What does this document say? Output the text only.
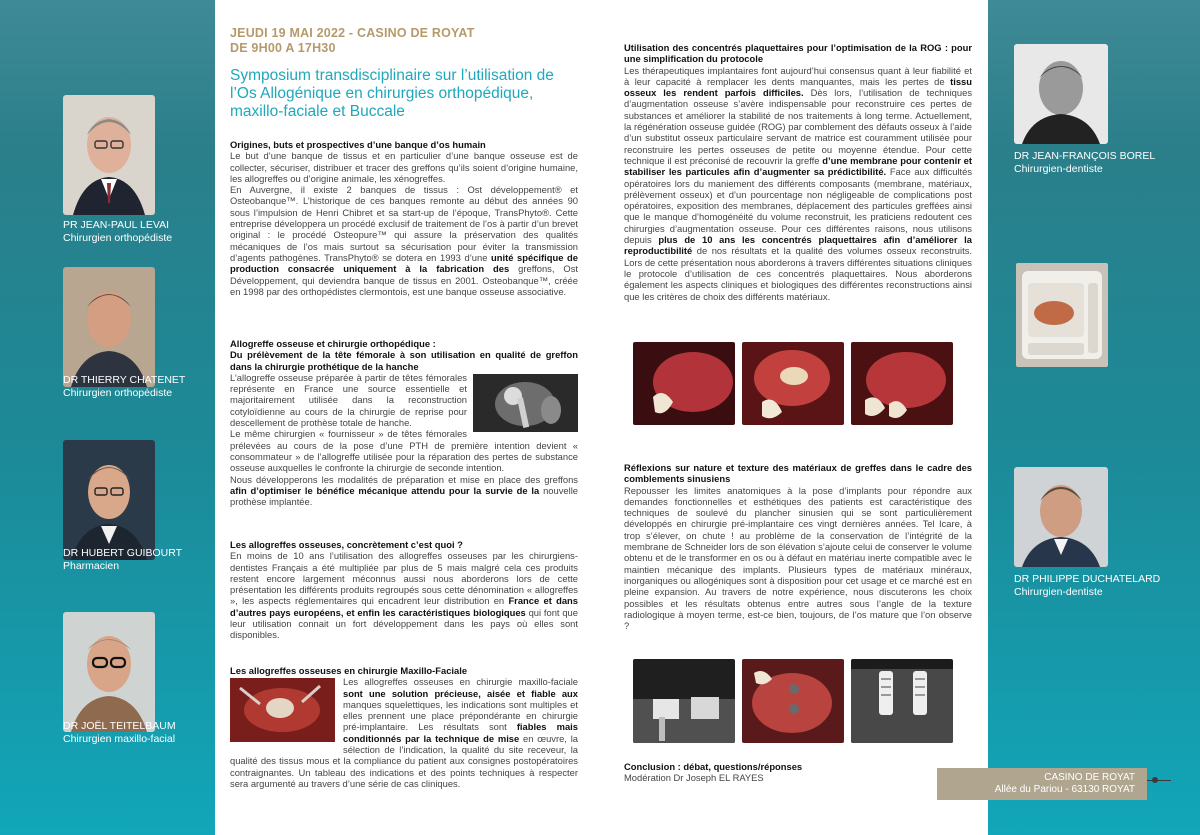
PR JEAN-PAUL LEVAI
Chirurgien orthopédiste
DR THIERRY CHATENET
Chirurgien orthopédiste
DR HUBERT GUIBOURT
Pharmacien
DR JOËL TEITELBAUM
Chirurgien maxillo-facial
DR JEAN-FRANÇOIS BOREL
Chirurgien-dentiste
DR PHILIPPE DUCHATELARD
Chirurgien-dentiste
JEUDI 19 MAI 2022 - CASINO DE ROYAT
DE 9H00 A 17H30
Symposium transdisciplinaire sur l’utilisation de l’Os Allogénique en chirurgies orthopédique, maxillo-faciale et Buccale
Origines, buts et prospectives d’une banque d’os humain

Le but d’une banque de tissus et en particulier d’une banque osseuse est de collecter, sécuriser, distribuer et tracer des greffons qu’ils soient d’origine humaine, les allogreffes ou d’origine animale, les xénogreffes.

En Auvergne, il existe 2 banques de tissus : Ost développement® et Osteobanque™. L’historique de ces banques remonte au début des années 90 sous l’impulsion de Henri Chibret et sa start-up de l’époque, TransPhyto®. Cette entreprise développera un procédé exclusif de traitement de l’os à partir d’un brevet original : le procédé Osteopure™ qui assure la préservation des qualités mécaniques de l’os mais surtout sa sécurisation pour éviter la transmission d’agents pathogènes. TransPhyto® se dotera en 1993 d’une unité spécifique de production consacrée uniquement à la fabrication des greffons, Ost Développement, qui deviendra banque de tissus en 2001. Osteobanque™, créée en 1998 par des orthopédistes clermontois, est une banque osseuse associative.

Allogreffe osseuse et chirurgie orthopédique :
Du prélèvement de la tête fémorale à son utilisation en qualité de greffon dans la chirurgie prothétique de la hanche

L’allogreffe osseuse préparée à partir de têtes fémorales représente en France une source essentielle et majoritairement utilisée dans la reconstruction cotyloïdienne au cours de la chirurgie de reprise pour descellement de prothèse totale de hanche.

Le même chirurgien « fournisseur » de têtes fémorales prélevées au cours de la pose d’une PTH de première intention devient « consommateur » de l’allogreffe utilisée pour la réparation des pertes de substance osseuse auxquelles le confronte la chirurgie de seconde intention.

Nous développerons les modalités de préparation et mise en place des greffons afin d’optimiser le bénéfice mécanique attendu pour la survie de la nouvelle prothèse implantée.

Les allogreffes osseuses, concrètement c’est quoi ?

En moins de 10 ans l’utilisation des allogreffes osseuses par les chirurgiens-dentistes Français a été multipliée par plus de 5 mais malgré cela ces produits restent encore largement méconnus aussi nous aborderons lors de cette présentation les différents produits regroupés sous cette dénomination « allogreffes », les aspects réglementaires qui encadrent leur distribution en France et dans d’autres pays européens, et enfin les caractéristiques biologiques qui font que leur utilisation connait un fort développement dans les pays où elles sont disponibles.

Les allogreffes osseuses en chirurgie Maxillo-Faciale

Les allogreffes osseuses en chirurgie maxillo-faciale sont une solution précieuse, aisée et fiable aux manques squelettiques, les indications sont multiples et elles prennent une place prépondérante en chirurgie pré-implantaire. Les résultats sont fiables mais conditionnés par la technique de mise en œuvre, la sélection de l’indication, la qualité du site receveur, la qualité des tissus mous et la compliance du patient aux consignes postopératoires contraignantes. Un tableau des indications et des points techniques à respecter sera argumenté au travers d’une série de cas cliniques.

Utilisation des concentrés plaquettaires pour l’optimisation de la ROG : pour une simplification du protocole

Les thérapeutiques implantaires font aujourd’hui consensus quant à leur fiabilité et à leur capacité à remplacer les dents manquantes, mais les pertes de tissu osseux les rendent parfois difficiles. Dès lors, l’utilisation de techniques d’augmentation osseuse s’avère indispensable pour reconstruire ces pertes de substances et améliorer la stabilité de nos traitements à long terme. Actuellement, la régénération osseuse guidée (ROG) par comblement des défauts osseux à l’aide d’un substitut osseux particulaire servant de matrice est couramment utilisée pour reconstruire les pertes osseuses de petite ou moyenne étendue. Pour cette technique il est préconisé de recouvrir la greffe d’une membrane pour contenir et stabiliser les particules afin d’augmenter sa prédictibilité. Face aux difficultés opératoires lors du maniement des différents composants (membrane, matériaux, prélèvement osseux) et d’un pourcentage non négligeable de complications post opératoires, exposition des membranes, déplacement des particules greffées ainsi que le manque d’homogénéité du volume reconstruit, les praticiens redoutent ces chirurgies d’augmentation osseuse. Pour ces différentes raisons, nous utilisons depuis plus de 10 ans les concentrés plaquettaires afin d’améliorer la reproductibilité de nos résultats et la qualité des volumes osseux reconstruits. Lors de cette présentation nous aborderons à travers différentes situations cliniques le protocole d’utilisation de ces concentrés plaquettaires. Nous aborderons également les aspects cliniques et biologiques des différentes reconstructions ainsi que les critères de choix des différents matériaux.

Réflexions sur nature et texture des matériaux de greffes dans le cadre des comblements sinusiens

Repousser les limites anatomiques à la pose d’implants pour répondre aux demandes fonctionnelles et esthétiques des patients est caractéristique des techniques de soulevé du plancher sinusien qui se sont particulièrement développés en chirurgie pré-implantaire ces vingt dernières années. Tel Icare, à trop s’élever, on chute ! au problème de la conservation de l’intégrité de la membrane de Schneider lors de son élévation s’ajoute celui de conserver le volume obtenu et de le transformer en os ou à défaut en matériau inerte compatible avec le maintien mécanique des implants. Plusieurs types de matériaux minéraux, inorganiques ou allogéniques sont à disposition pour cet usage et ce marché est en pleine expansion. Au travers de notre expérience, nous discuterons les choix possibles et les résultats obtenus entre autres sous l’angle de la texture radiologique à moyen terme, est-ce bien, toujours, de l’os mature que l’on observe ?

Conclusion : débat, questions/réponses

Modération Dr Joseph EL RAYES	CASINO DE ROYAT
Allée du Pariou - 63130 ROYAT
